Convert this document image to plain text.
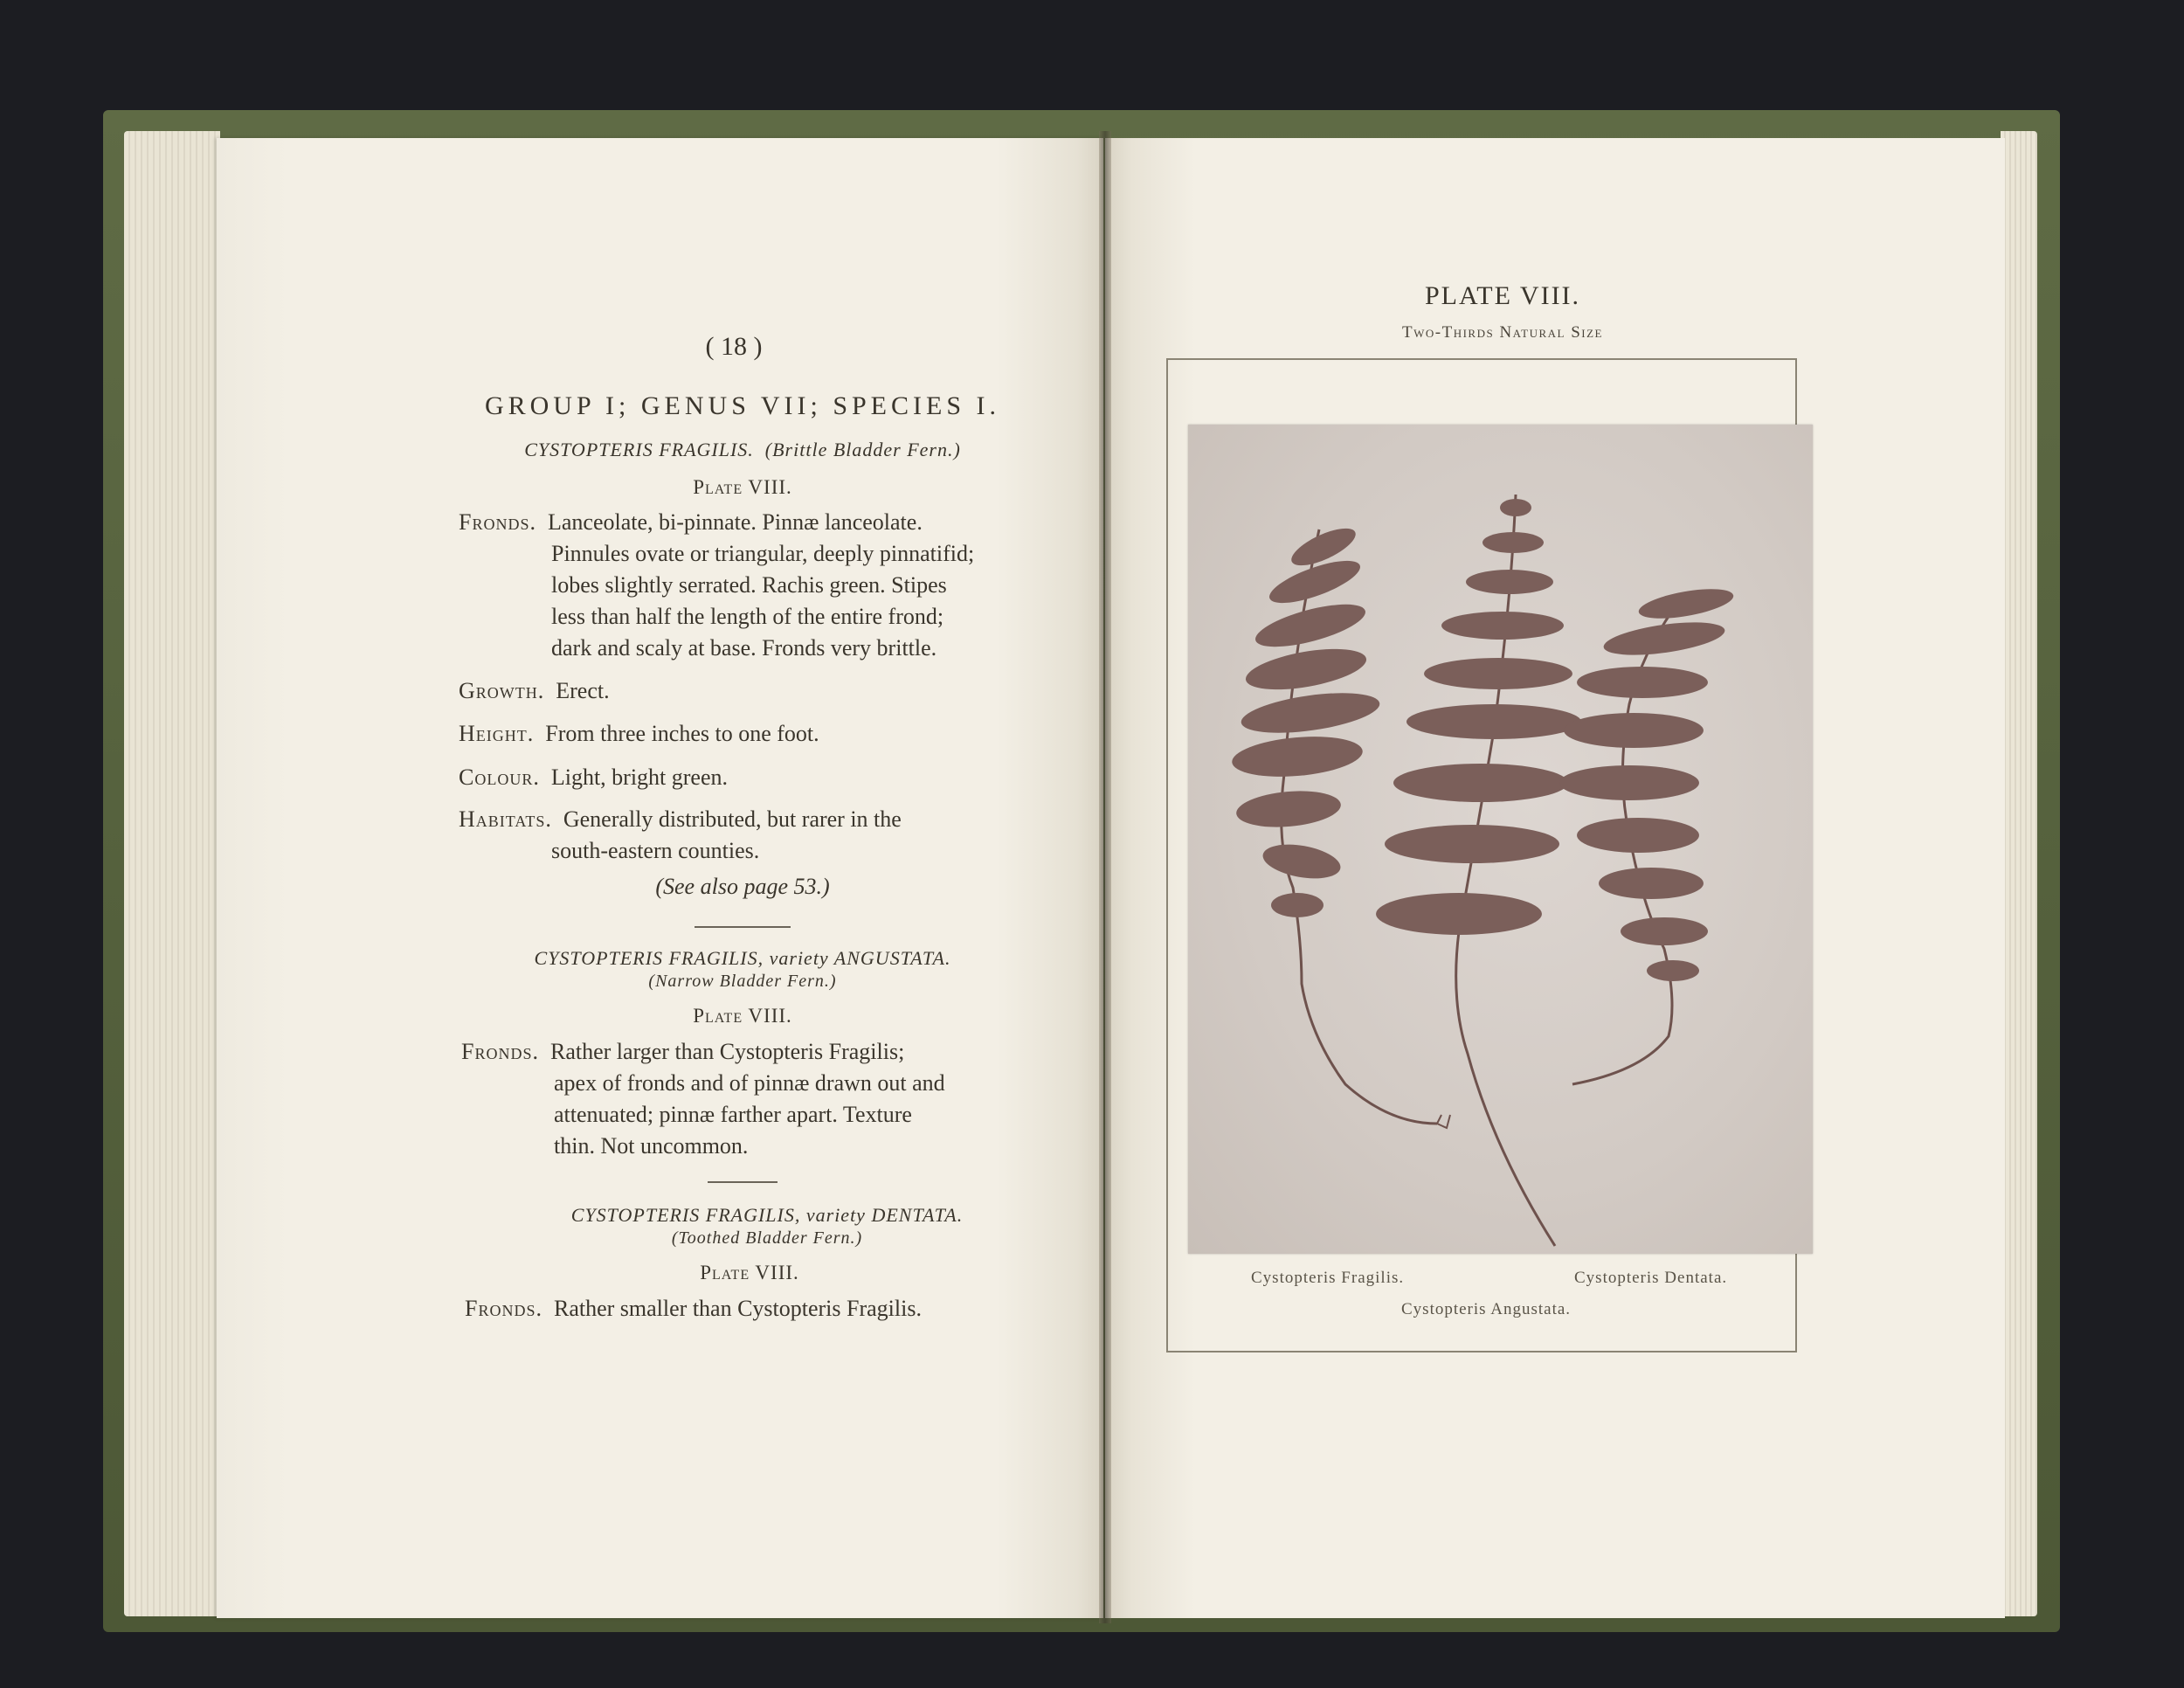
( 18 )
GROUP I; GENUS VII; SPECIES I.
CYSTOPTERIS FRAGILIS. (Brittle Bladder Fern.)
Plate VIII.
Fronds. Lanceolate, bi-pinnate. Pinnæ lanceolate.
Pinnules ovate or triangular, deeply pinnatifid;
lobes slightly serrated. Rachis green. Stipes
less than half the length of the entire frond;
dark and scaly at base. Fronds very brittle.
Growth. Erect.
Height. From three inches to one foot.
Colour. Light, bright green.
Habitats. Generally distributed, but rarer in the
south-eastern counties.
(See also page 53.)
CYSTOPTERIS FRAGILIS, variety ANGUSTATA.
(Narrow Bladder Fern.)
Plate VIII.
Fronds. Rather larger than Cystopteris Fragilis;
apex of fronds and of pinnæ drawn out and
attenuated; pinnæ farther apart. Texture
thin. Not uncommon.
CYSTOPTERIS FRAGILIS, variety DENTATA.
(Toothed Bladder Fern.)
Plate VIII.
Fronds. Rather smaller than Cystopteris Fragilis.
PLATE VIII.
Two-Thirds Natural Size
Cystopteris Fragilis.	Cystopteris Dentata.
Cystopteris Angustata.
